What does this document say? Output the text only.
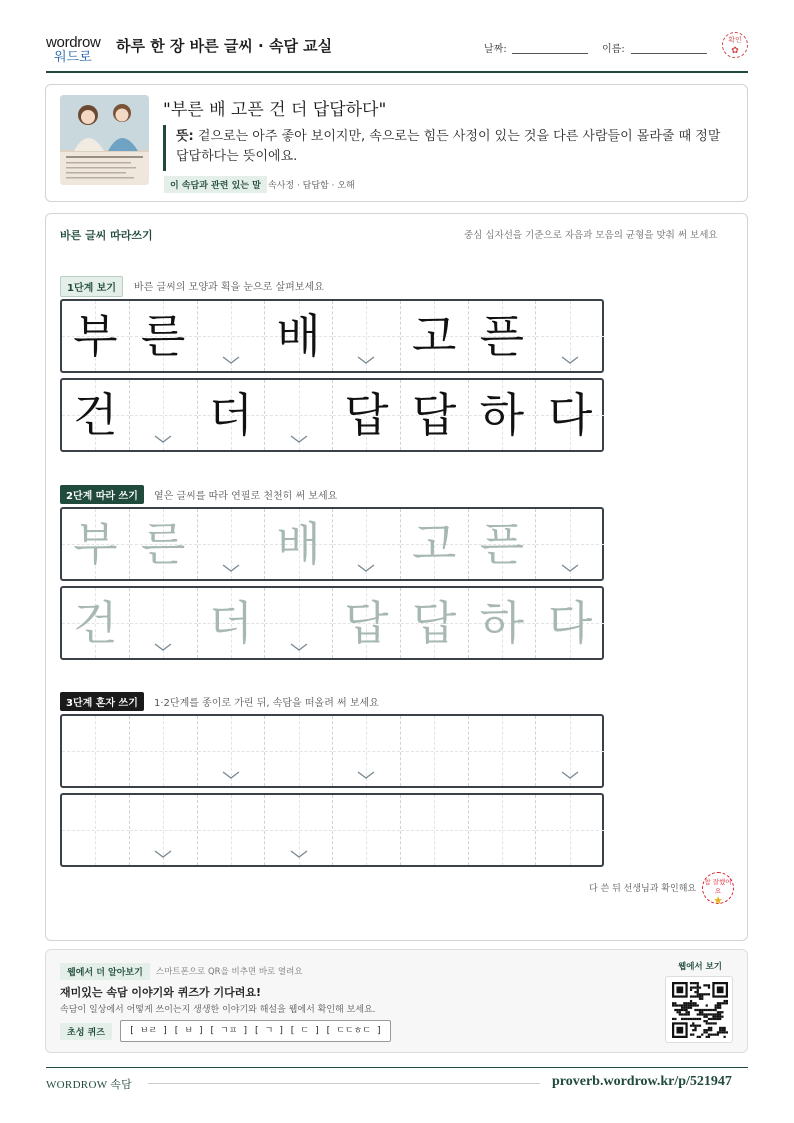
wordrow
워드로
하루 한 장 바른 글씨 · 속담 교실	날짜:	이름:
확인
✿
"부른 배 고픈 건 더 답답하다"
뜻: 겉으로는 아주 좋아 보이지만, 속으로는 힘든 사정이 있는 것을 다른 사람들이 몰라줄 때 정말 답답하다는 뜻이에요.
이 속담과 관련 있는 말 속사정 · 답답함 · 오해
바른 글씨 따라쓰기	중심 십자선을 기준으로 자음과 모음의 균형을 맞춰 써 보세요
1단계 보기	바른 글씨의 모양과 획을 눈으로 살펴보세요
부 른 배 고 픈
건 더 답 답 하 다
2단계 따라 쓰기	옅은 글씨를 따라 연필로 천천히 써 보세요
부 른 배 고 픈
건 더 답 답 하 다
3단계 혼자 쓰기	1·2단계를 종이로 가린 뒤, 속담을 떠올려 써 보세요
다 쓴 뒤 선생님과 확인해요
참 잘했어요
★
웹에서 더 알아보기	스마트폰으로 QR을 비추면 바로 열려요
재미있는 속담 이야기와 퀴즈가 기다려요!
속담이 일상에서 어떻게 쓰이는지 생생한 이야기와 해설을 웹에서 확인해 보세요.
초성 퀴즈	[ ㅂㄹ ] [ ㅂ ] [ ㄱㅍ ] [ ㄱ ] [ ㄷ ] [ ㄷㄷㅎㄷ ]
웹에서 보기
WORDROW 속담	proverb.wordrow.kr/p/521947
